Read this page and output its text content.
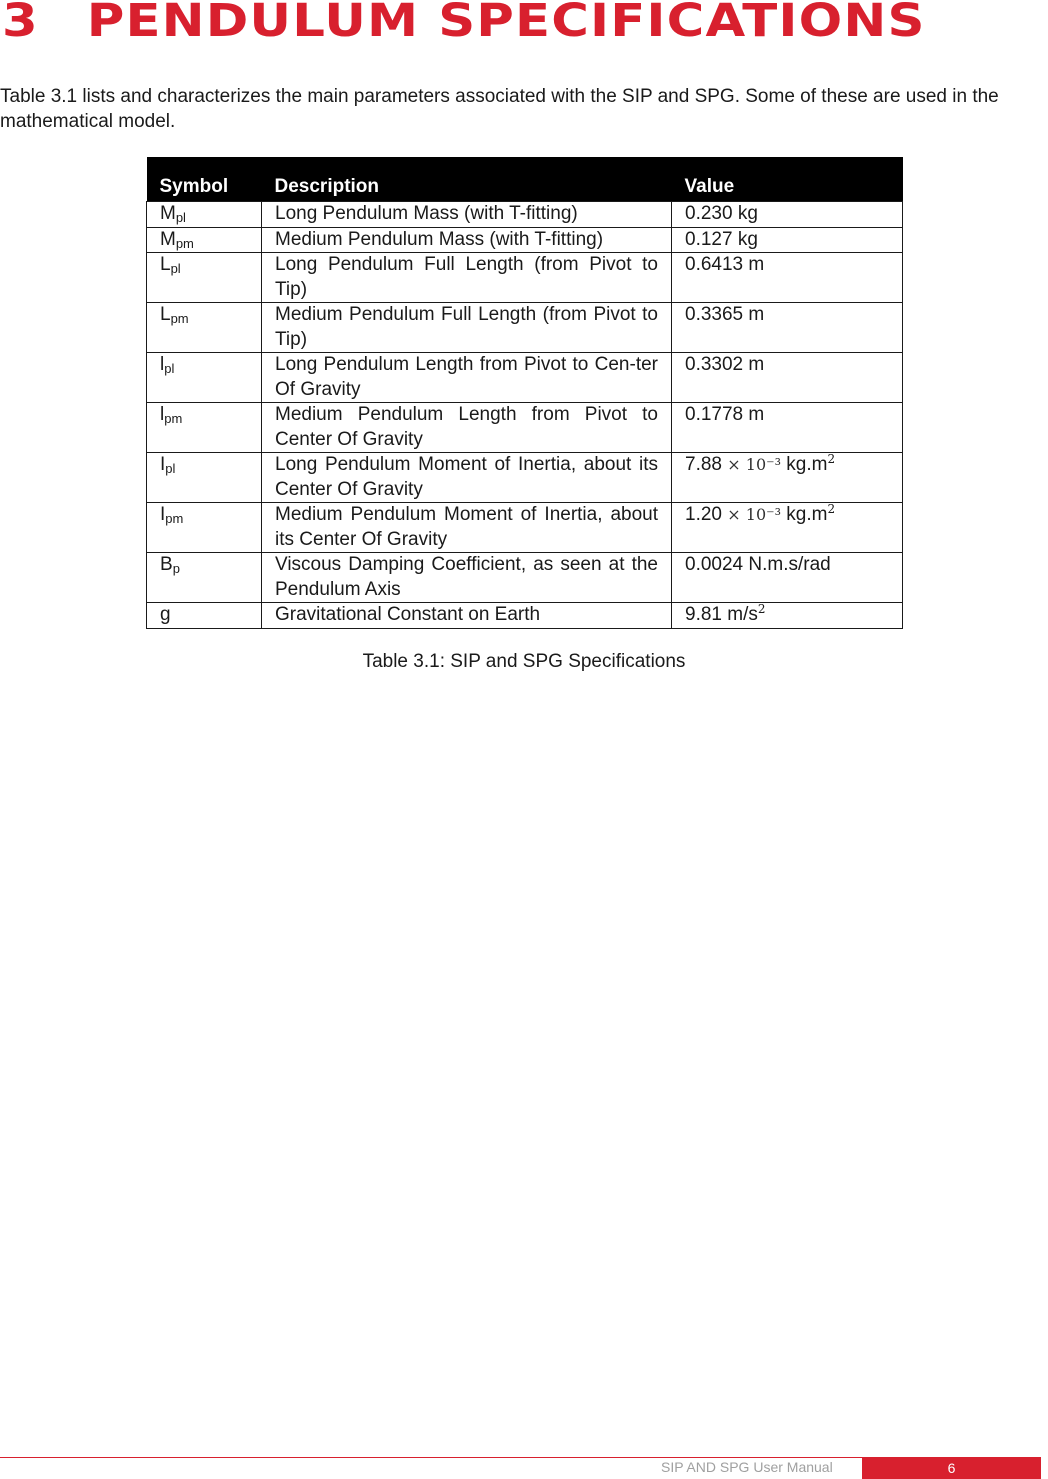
3 PENDULUM SPECIFICATIONS

Table 3.1 lists and characterizes the main parameters associated with the SIP and SPG. Some of these are used in the mathematical model.

Symbol	Description	Value
$M_{pl}$	Long Pendulum Mass (with T-fitting)	0.230 kg
$M_{pm}$	Medium Pendulum Mass (with T-fitting)	0.127 kg
$L_{pl}$	Long Pendulum Full Length (from Pivot to Tip)	0.6413 m
$L_{pm}$	Medium Pendulum Full Length (from Pivot to Tip)	0.3365 m
$l_{pl}$	Long Pendulum Length from Pivot to Cen-ter Of Gravity	0.3302 m
$l_{pm}$	Medium Pendulum Length from Pivot to Center Of Gravity	0.1778 m
$I_{pl}$	Long Pendulum Moment of Inertia, about its Center Of Gravity	7.88 × 10⁻³ $kg.m^2$
$I_{pm}$	Medium Pendulum Moment of Inertia, about its Center Of Gravity	1.20 × 10⁻³ $kg.m^2$
$B_p$	Viscous Damping Coefficient, as seen at the Pendulum Axis	0.0024 N.m.s/rad
g	Gravitational Constant on Earth	9.81 $m/s^2$

Table 3.1: SIP and SPG Specifications

SIP AND SPG User Manual	6
